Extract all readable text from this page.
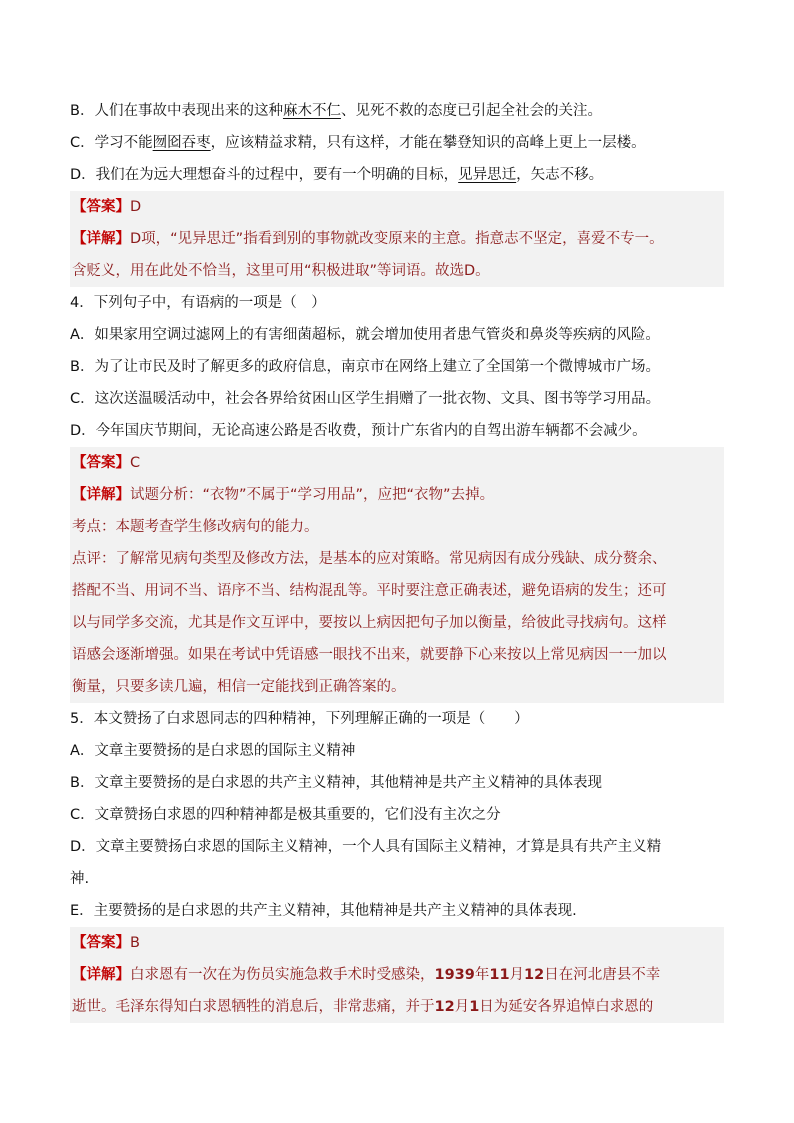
B．人们在事故中表现出来的这种麻木不仁、见死不救的态度已引起全社会的关注。
C．学习不能囫囵吞枣，应该精益求精，只有这样，才能在攀登知识的高峰上更上一层楼。
D．我们在为远大理想奋斗的过程中，要有一个明确的目标，见异思迁，矢志不移。
【答案】D
【详解】D项，“见异思迁”指看到别的事物就改变原来的主意。指意志不坚定，喜爱不专一。
含贬义，用在此处不恰当，这里可用“积极进取”等词语。故选D。
4．下列句子中，有语病的一项是（　）
A．如果家用空调过滤网上的有害细菌超标，就会增加使用者患气管炎和鼻炎等疾病的风险。
B．为了让市民及时了解更多的政府信息，南京市在网络上建立了全国第一个微博城市广场。
C．这次送温暖活动中，社会各界给贫困山区学生捐赠了一批衣物、文具、图书等学习用品。
D．今年国庆节期间，无论高速公路是否收费，预计广东省内的自驾出游车辆都不会减少。
【答案】C
【详解】试题分析：“衣物”不属于“学习用品”，应把“衣物”去掉。
考点：本题考查学生修改病句的能力。
点评：了解常见病句类型及修改方法，是基本的应对策略。常见病因有成分残缺、成分赘余、
搭配不当、用词不当、语序不当、结构混乱等。平时要注意正确表述，避免语病的发生；还可
以与同学多交流，尤其是作文互评中，要按以上病因把句子加以衡量，给彼此寻找病句。这样
语感会逐渐增强。如果在考试中凭语感一眼找不出来，就要静下心来按以上常见病因一一加以
衡量，只要多读几遍，相信一定能找到正确答案的。
5．本文赞扬了白求恩同志的四种精神，下列理解正确的一项是（　　）
A．文章主要赞扬的是白求恩的国际主义精神
B．文章主要赞扬的是白求恩的共产主义精神，其他精神是共产主义精神的具体表现
C．文章赞扬白求恩的四种精神都是极其重要的，它们没有主次之分
D．文章主要赞扬白求恩的国际主义精神，一个人具有国际主义精神，才算是具有共产主义精
神.
E．主要赞扬的是白求恩的共产主义精神，其他精神是共产主义精神的具体表现.
【答案】B
【详解】白求恩有一次在为伤员实施急救手术时受感染，1939年11月12日在河北唐县不幸
逝世。毛泽东得知白求恩牺牲的消息后，非常悲痛，并于12月1日为延安各界追悼白求恩的
